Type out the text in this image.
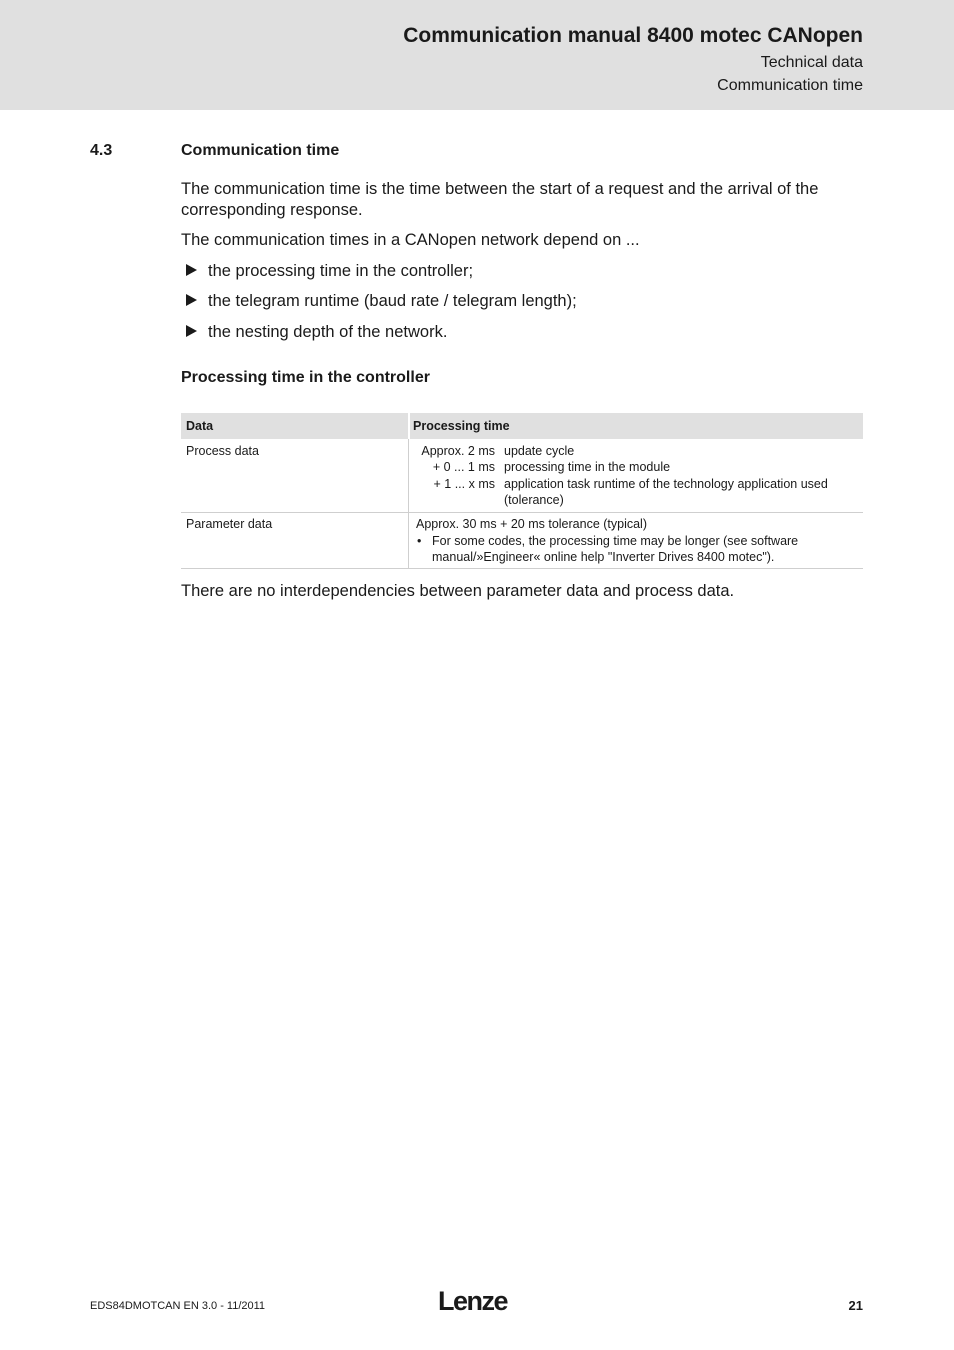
Communication manual 8400 motec CANopen
Technical data
Communication time
4.3	Communication time
The communication time is the time between the start of a request and the arrival of the corresponding response.
The communication times in a CANopen network depend on ...
the processing time in the controller;
the telegram runtime (baud rate / telegram length);
the nesting depth of the network.
Processing time in the controller
Data	Processing time
Process data	Approx. 2 ms update cycle
+ 0 ... 1 ms processing time in the module
+ 1 ... x ms application task runtime of the technology application used (tolerance)
Parameter data	Approx. 30 ms + 20 ms tolerance (typical)
• For some codes, the processing time may be longer (see software manual/»Engineer« online help "Inverter Drives 8400 motec").
There are no interdependencies between parameter data and process data.
EDS84DMOTCAN EN 3.0 - 11/2011	Lenze	21
